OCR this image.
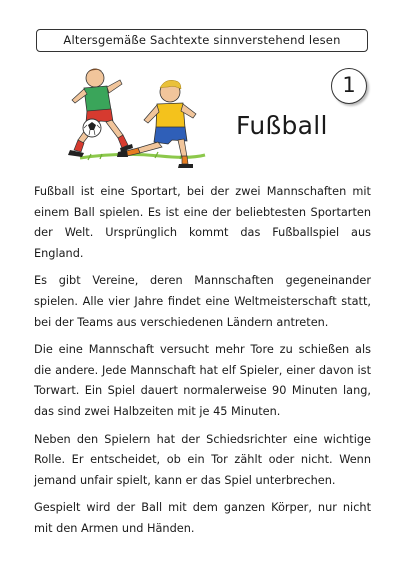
Altersgemäße Sachtexte sinnverstehend lesen
1
Fußball

Fußball ist eine Sportart, bei der zwei Mannschaften mit einem Ball spielen. Es ist eine der beliebtesten Sportarten der Welt. Ursprünglich kommt das Fußballspiel aus England.

Es gibt Vereine, deren Mannschaften gegeneinander spielen. Alle vier Jahre findet eine Weltmeisterschaft statt, bei der Teams aus verschiedenen Ländern antreten.

Die eine Mannschaft versucht mehr Tore zu schießen als die andere. Jede Mannschaft hat elf Spieler, einer davon ist Torwart. Ein Spiel dauert normalerweise 90 Minuten lang, das sind zwei Halbzeiten mit je 45 Minuten.

Neben den Spielern hat der Schiedsrichter eine wichtige Rolle. Er entscheidet, ob ein Tor zählt oder nicht. Wenn jemand unfair spielt, kann er das Spiel unterbrechen.

Gespielt wird der Ball mit dem ganzen Körper, nur nicht mit den Armen und Händen.
